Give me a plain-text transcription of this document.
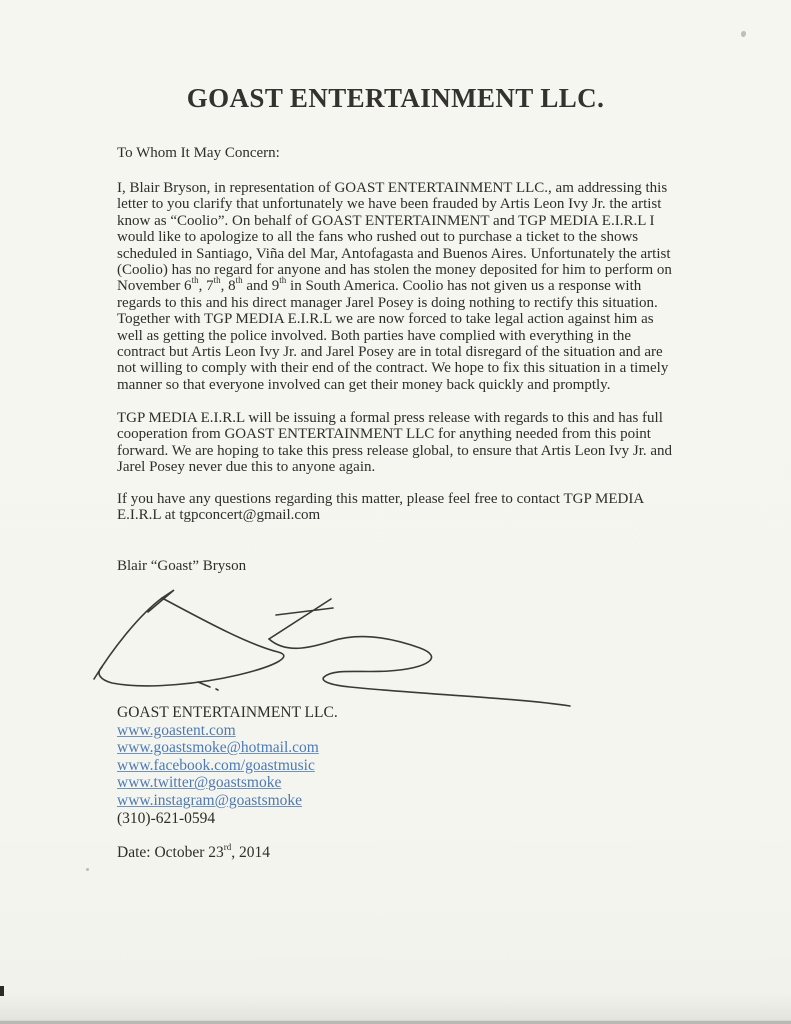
GOAST ENTERTAINMENT LLC.
To Whom It May Concern:
I, Blair Bryson, in representation of GOAST ENTERTAINMENT LLC., am addressing this letter to you clarify that unfortunately we have been frauded by Artis Leon Ivy Jr. the artist know as “Coolio”. On behalf of GOAST ENTERTAINMENT and TGP MEDIA E.I.R.L I would like to apologize to all the fans who rushed out to purchase a ticket to the shows scheduled in Santiago, Viña del Mar, Antofagasta and Buenos Aires. Unfortunately the artist (Coolio) has no regard for anyone and has stolen the money deposited for him to perform on November 6th, 7th, 8th and 9th in South America. Coolio has not given us a response with regards to this and his direct manager Jarel Posey is doing nothing to rectify this situation. Together with TGP MEDIA E.I.R.L we are now forced to take legal action against him as well as getting the police involved. Both parties have complied with everything in the contract but Artis Leon Ivy Jr. and Jarel Posey are in total disregard of the situation and are not willing to comply with their end of the contract. We hope to fix this situation in a timely manner so that everyone involved can get their money back quickly and promptly.
TGP MEDIA E.I.R.L will be issuing a formal press release with regards to this and has full cooperation from GOAST ENTERTAINMENT LLC for anything needed from this point forward. We are hoping to take this press release global, to ensure that Artis Leon Ivy Jr. and Jarel Posey never due this to anyone again.
If you have any questions regarding this matter, please feel free to contact TGP MEDIA E.I.R.L at tgpconcert@gmail.com
Blair “Goast” Bryson
GOAST ENTERTAINMENT LLC.
www.goastent.com
www.goastsmoke@hotmail.com
www.facebook.com/goastmusic
www.twitter@goastsmoke
www.instagram@goastsmoke
(310)-621-0594
Date: October 23rd, 2014
